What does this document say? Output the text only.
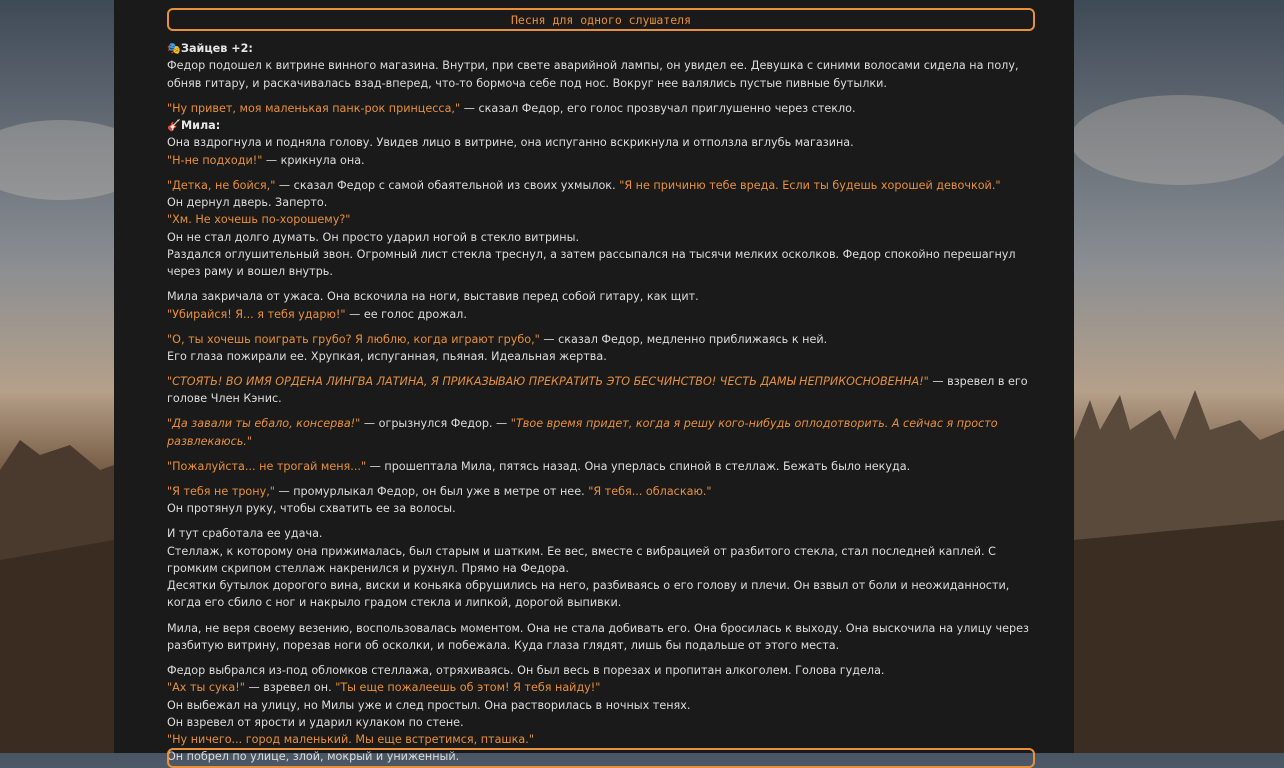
Песня для одного слушателя

🎭Зайцев +2:

Федор подошел к витрине винного магазина. Внутри, при свете аварийной лампы, он увидел ее. Девушка с синими волосами сидела на полу, обняв гитару, и раскачивалась взад-вперед, что-то бормоча себе под нос. Вокруг нее валялись пустые пивные бутылки.

"Ну привет, моя маленькая панк-рок принцесса," — сказал Федор, его голос прозвучал приглушенно через стекло.

🎸Мила:

Она вздрогнула и подняла голову. Увидев лицо в витрине, она испуганно вскрикнула и отползла вглубь магазина.

"Н-не подходи!" — крикнула она.

"Детка, не бойся," — сказал Федор с самой обаятельной из своих ухмылок. "Я не причиню тебе вреда. Если ты будешь хорошей девочкой."

Он дернул дверь. Заперто.

"Хм. Не хочешь по-хорошему?"

Он не стал долго думать. Он просто ударил ногой в стекло витрины.

Раздался оглушительный звон. Огромный лист стекла треснул, а затем рассыпался на тысячи мелких осколков. Федор спокойно перешагнул через раму и вошел внутрь.

Мила закричала от ужаса. Она вскочила на ноги, выставив перед собой гитару, как щит.

"Убирайся! Я... я тебя ударю!" — ее голос дрожал.

"О, ты хочешь поиграть грубо? Я люблю, когда играют грубо," — сказал Федор, медленно приближаясь к ней.

Его глаза пожирали ее. Хрупкая, испуганная, пьяная. Идеальная жертва.

"СТОЯТЬ! ВО ИМЯ ОРДЕНА ЛИНГВА ЛАТИНА, Я ПРИКАЗЫВАЮ ПРЕКРАТИТЬ ЭТО БЕСЧИНСТВО! ЧЕСТЬ ДАМЫ НЕПРИКОСНОВЕННА!" — взревел в его голове Член Кэнис.

"Да завали ты ебало, консерва!" — огрызнулся Федор. — "Твое время придет, когда я решу кого-нибудь оплодотворить. А сейчас я просто развлекаюсь."

"Пожалуйста... не трогай меня..." — прошептала Мила, пятясь назад. Она уперлась спиной в стеллаж. Бежать было некуда.

"Я тебя не трону," — промурлыкал Федор, он был уже в метре от нее. "Я тебя... обласкаю."

Он протянул руку, чтобы схватить ее за волосы.

И тут сработала ее удача.

Стеллаж, к которому она прижималась, был старым и шатким. Ее вес, вместе с вибрацией от разбитого стекла, стал последней каплей. С громким скрипом стеллаж накренился и рухнул. Прямо на Федора.

Десятки бутылок дорогого вина, виски и коньяка обрушились на него, разбиваясь о его голову и плечи. Он взвыл от боли и неожиданности, когда его сбило с ног и накрыло градом стекла и липкой, дорогой выпивки.

Мила, не веря своему везению, воспользовалась моментом. Она не стала добивать его. Она бросилась к выходу. Она выскочила на улицу через разбитую витрину, порезав ноги об осколки, и побежала. Куда глаза глядят, лишь бы подальше от этого места.

Федор выбрался из-под обломков стеллажа, отряхиваясь. Он был весь в порезах и пропитан алкоголем. Голова гудела.

"Ах ты сука!" — взревел он. "Ты еще пожалеешь об этом! Я тебя найду!"

Он выбежал на улицу, но Милы уже и след простыл. Она растворилась в ночных тенях.

Он взревел от ярости и ударил кулаком по стене.

"Ну ничего... город маленький. Мы еще встретимся, пташка."

Он побрел по улице, злой, мокрый и униженный.
